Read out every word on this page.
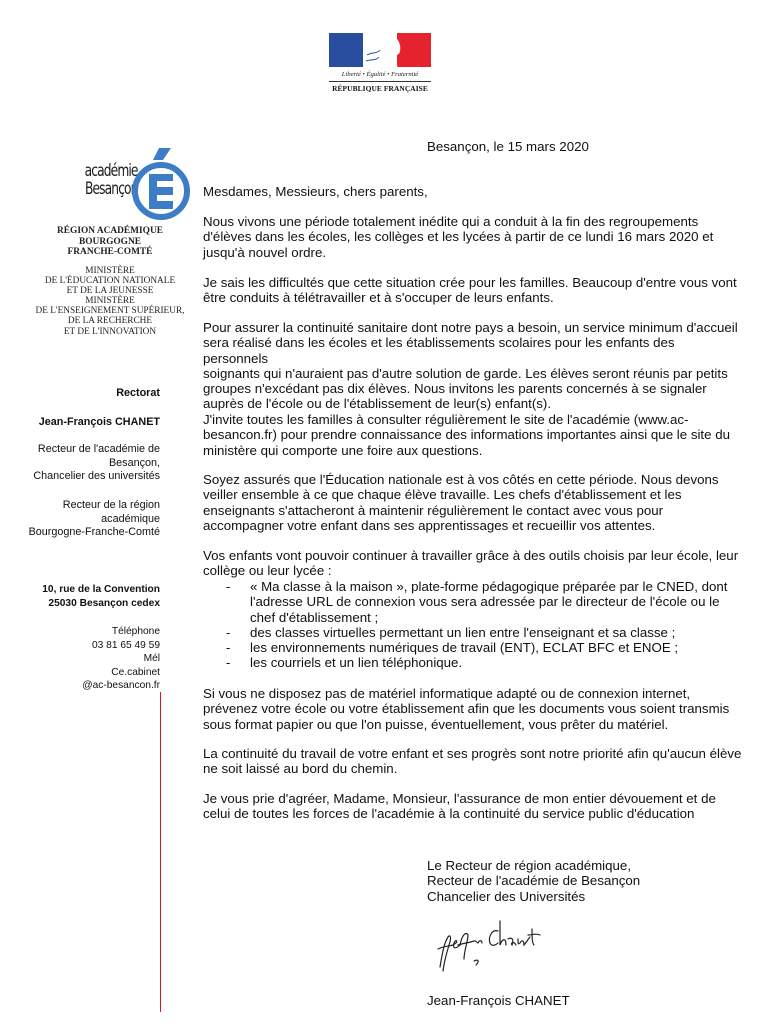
Liberté • Égalité • Fraternité
RÉPUBLIQUE FRANÇAISE
académie
Besançon
RÉGION ACADÉMIQUE
BOURGOGNE
FRANCHE-COMTÉ
MINISTÈRE
DE L'ÉDUCATION NATIONALE
ET DE LA JEUNESSE
MINISTÈRE
DE L'ENSEIGNEMENT SUPÉRIEUR,
DE LA RECHERCHE
ET DE L'INNOVATION
Rectorat
Jean-François CHANET
Recteur de l'académie de
Besançon,
Chancelier des universités
Recteur de la région
académique
Bourgogne-Franche-Comté
10, rue de la Convention
25030 Besançon cedex
Téléphone
03 81 65 49 59
Mél
Ce.cabinet
@ac-besancon.fr
Besançon, le 15 mars 2020
Mesdames, Messieurs, chers parents,
Nous vivons une période totalement inédite qui a conduit à la fin des regroupements
d'élèves dans les écoles, les collèges et les lycées à partir de ce lundi 16 mars 2020 et
jusqu'à nouvel ordre.
Je sais les difficultés que cette situation crée pour les familles. Beaucoup d'entre vous vont
être conduits à télétravailler et à s'occuper de leurs enfants.
Pour assurer la continuité sanitaire dont notre pays a besoin, un service minimum d'accueil
sera réalisé dans les écoles et les établissements scolaires pour les enfants des personnels
soignants qui n'auraient pas d'autre solution de garde. Les élèves seront réunis par petits
groupes n'excédant pas dix élèves. Nous invitons les parents concernés à se signaler
auprès de l'école ou de l'établissement de leur(s) enfant(s).
J'invite toutes les familles à consulter régulièrement le site de l'académie (www.ac-
besancon.fr) pour prendre connaissance des informations importantes ainsi que le site du
ministère qui comporte une foire aux questions.
Soyez assurés que l'Éducation nationale est à vos côtés en cette période. Nous devons
veiller ensemble à ce que chaque élève travaille. Les chefs d'établissement et les
enseignants s'attacheront à maintenir régulièrement le contact avec vous pour
accompagner votre enfant dans ses apprentissages et recueillir vos attentes.
Vos enfants vont pouvoir continuer à travailler grâce à des outils choisis par leur école, leur
collège ou leur lycée :
- « Ma classe à la maison », plate-forme pédagogique préparée par le CNED, dont
l'adresse URL de connexion vous sera adressée par le directeur de l'école ou le
chef d'établissement ;
- des classes virtuelles permettant un lien entre l'enseignant et sa classe ;
- les environnements numériques de travail (ENT), ECLAT BFC et ENOE ;
- les courriels et un lien téléphonique.
Si vous ne disposez pas de matériel informatique adapté ou de connexion internet,
prévenez votre école ou votre établissement afin que les documents vous soient transmis
sous format papier ou que l'on puisse, éventuellement, vous prêter du matériel.
La continuité du travail de votre enfant et ses progrès sont notre priorité afin qu'aucun élève
ne soit laissé au bord du chemin.
Je vous prie d'agréer, Madame, Monsieur, l'assurance de mon entier dévouement et de
celui de toutes les forces de l'académie à la continuité du service public d'éducation
Le Recteur de région académique,
Recteur de l'académie de Besançon
Chancelier des Universités
Jean-François CHANET
